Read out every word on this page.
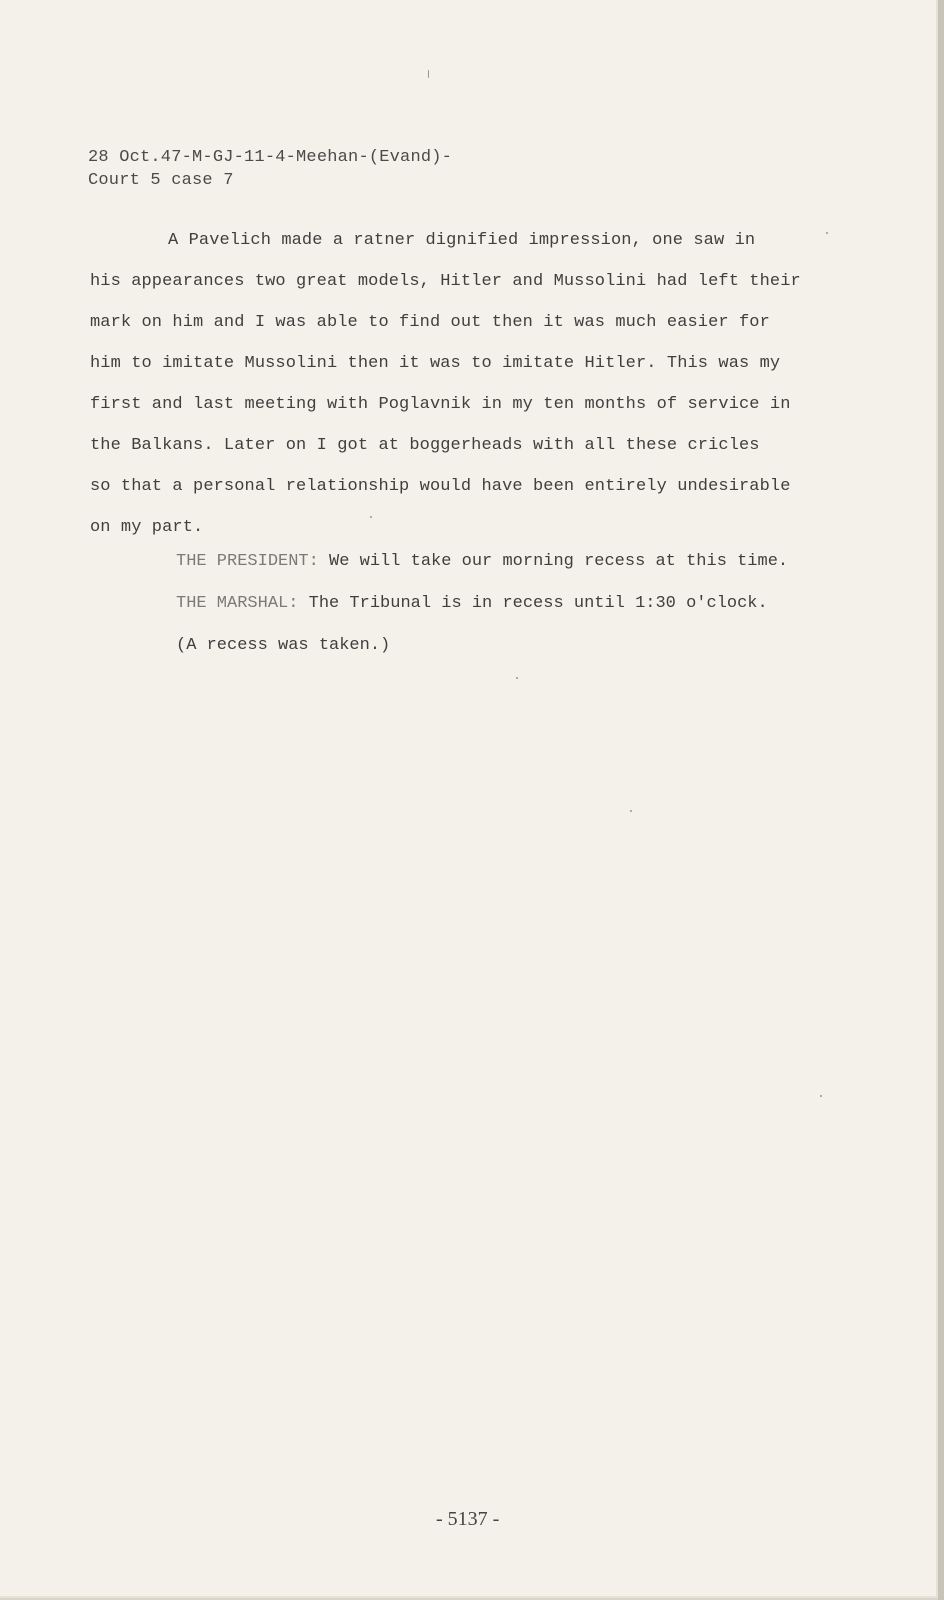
28 Oct.47-M-GJ-11-4-Meehan-(Evand)-
Court 5 case 7
A Pavelich made a ratner dignified impression, one saw in
his appearances two great models, Hitler and Mussolini had left their
mark on him and I was able to find out then it was much easier for
him to imitate Mussolini then it was to imitate Hitler. This was my
first and last meeting with Poglavnik in my ten months of service in
the Balkans. Later on I got at boggerheads with all these cricles
so that a personal relationship would have been entirely undesirable
on my part.
THE PRESIDENT: We will take our morning recess at this time.
THE MARSHAL: The Tribunal is in recess until 1:30 o'clock.
(A recess was taken.)
- 5137 -
